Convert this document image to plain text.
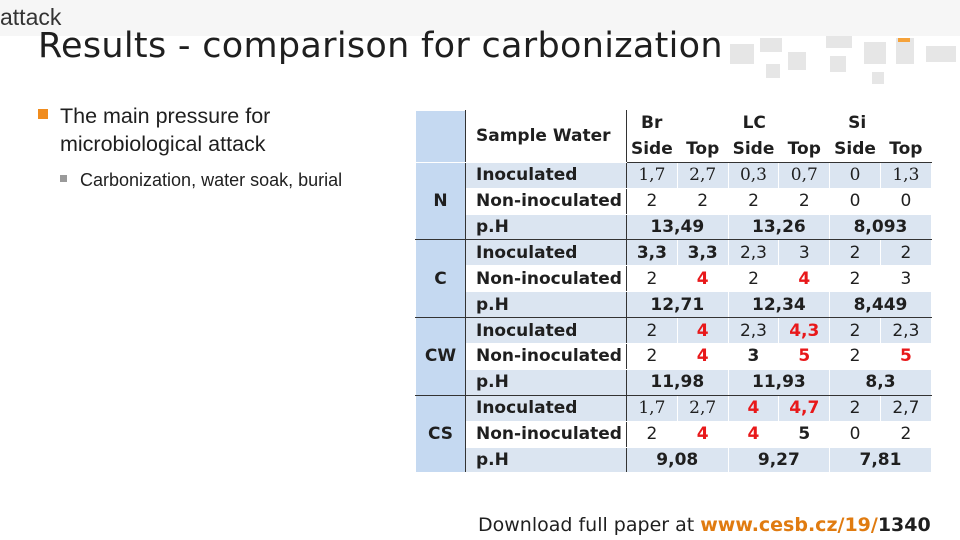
attack
Results - comparison for carbonization
The main pressure for microbiological attack
Carbonization, water soak, burial
	Sample Water	Br		LC		Si	
		Side	Top	Side	Top	Side	Top
N	Inoculated	1,7	2,7	0,3	0,7	0	1,3
	Non-inoculated	2	2	2	2	0	0
	p.H	13,49		13,26		8,093	
C	Inoculated	3,3	3,3	2,3	3	2	2
	Non-inoculated	2	4	2	4	2	3
	p.H	12,71		12,34		8,449	
CW	Inoculated	2	4	2,3	4,3	2	2,3
	Non-inoculated	2	4	3	5	2	5
	p.H	11,98		11,93		8,3	
CS	Inoculated	1,7	2,7	4	4,7	2	2,7
	Non-inoculated	2	4	4	5	0	2
	p.H	9,08		9,27		7,81	
Download full paper at www.cesb.cz/19/1340
